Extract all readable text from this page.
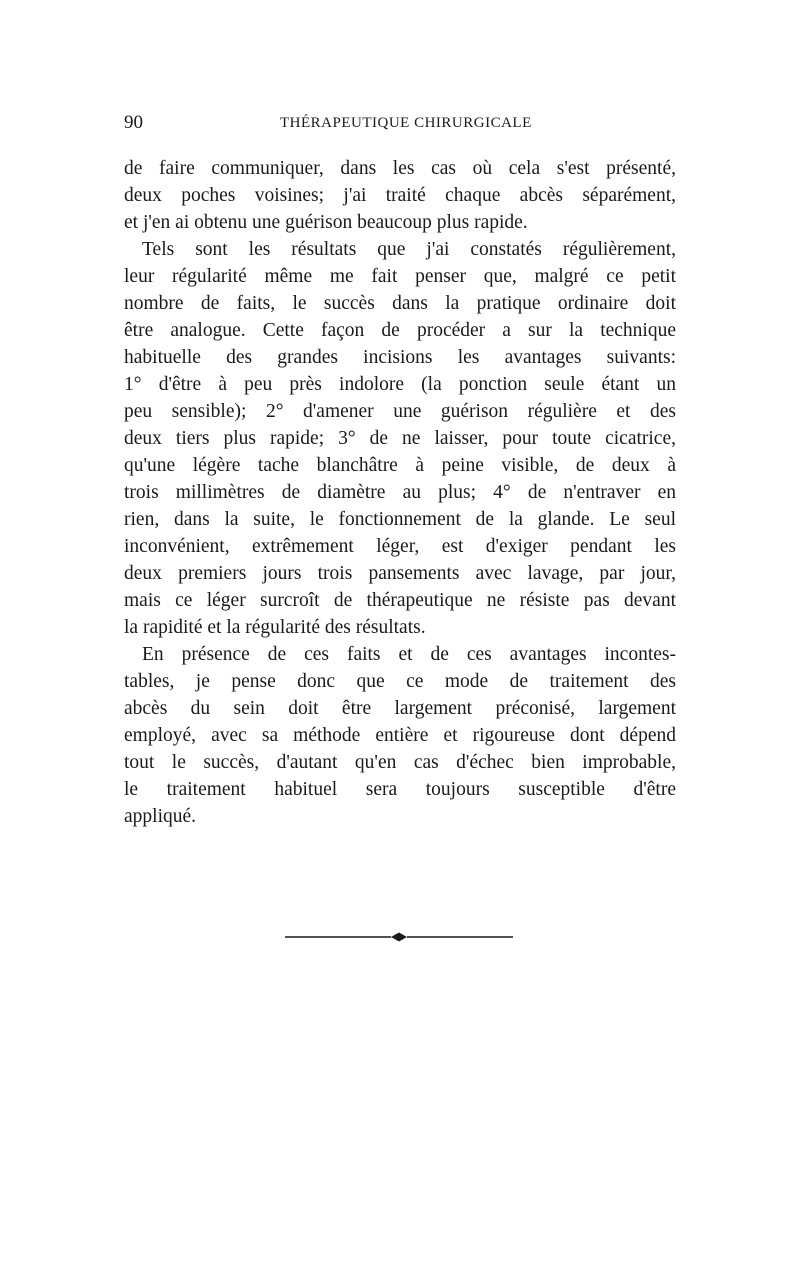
90	THÉRAPEUTIQUE CHIRURGICALE
de faire communiquer, dans les cas où cela s'est présenté,
deux poches voisines; j'ai traité chaque abcès séparément,
et j'en ai obtenu une guérison beaucoup plus rapide.
Tels sont les résultats que j'ai constatés régulièrement,
leur régularité même me fait penser que, malgré ce petit
nombre de faits, le succès dans la pratique ordinaire doit
être analogue. Cette façon de procéder a sur la technique
habituelle des grandes incisions les avantages suivants:
1° d'être à peu près indolore (la ponction seule étant un
peu sensible); 2° d'amener une guérison régulière et des
deux tiers plus rapide; 3° de ne laisser, pour toute cicatrice,
qu'une légère tache blanchâtre à peine visible, de deux à
trois millimètres de diamètre au plus; 4° de n'entraver en
rien, dans la suite, le fonctionnement de la glande. Le seul
inconvénient, extrêmement léger, est d'exiger pendant les
deux premiers jours trois pansements avec lavage, par jour,
mais ce léger surcroît de thérapeutique ne résiste pas devant
la rapidité et la régularité des résultats.
En présence de ces faits et de ces avantages incontes-
tables, je pense donc que ce mode de traitement des
abcès du sein doit être largement préconisé, largement
employé, avec sa méthode entière et rigoureuse dont dépend
tout le succès, d'autant qu'en cas d'échec bien improbable,
le traitement habituel sera toujours susceptible d'être
appliqué.
